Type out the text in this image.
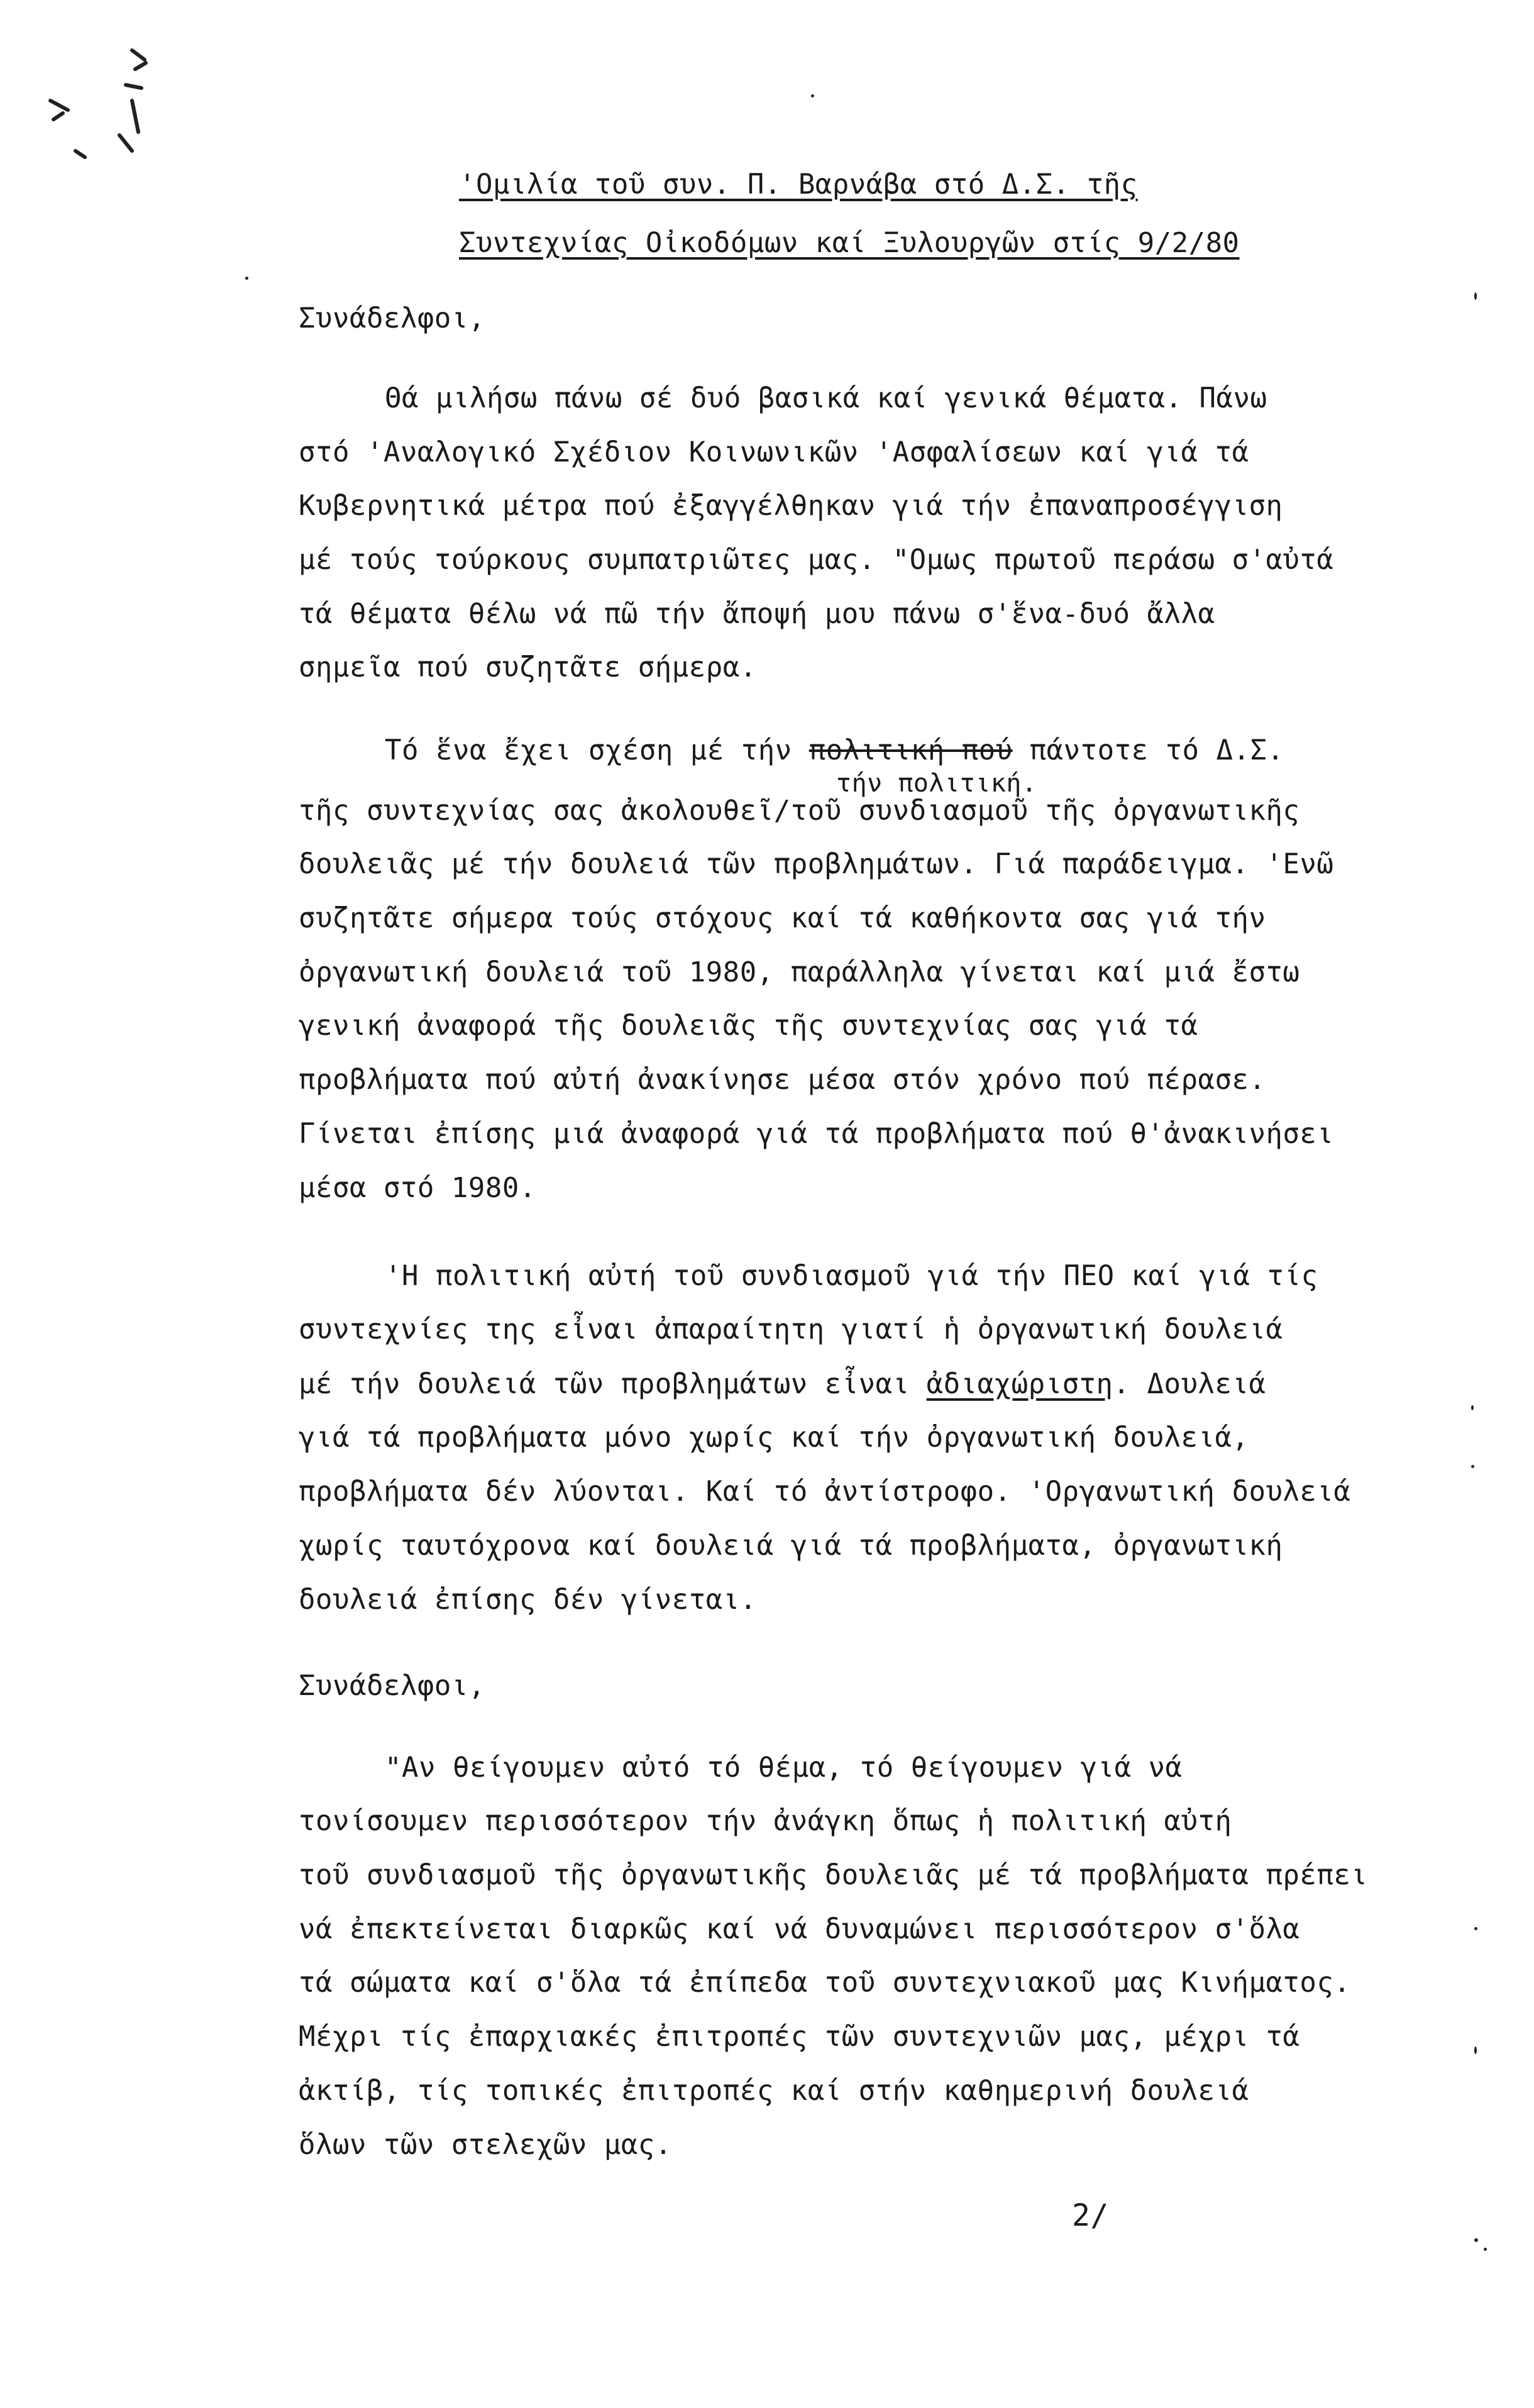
'Ομιλία τοῦ συν. Π. Βαρνάβα στό Δ.Σ. τῆς
Συντεχνίας Οἰκοδόμων καί Ξυλουργῶν στίς 9/2/80
Συνάδελφοι,
Θά μιλήσω πάνω σέ δυό βασικά καί γενικά θέματα. Πάνω
στό 'Αναλογικό Σχέδιον Κοινωνικῶν 'Ασφαλίσεων καί γιά τά
Κυβερνητικά μέτρα πού ἐξαγγέλθηκαν γιά τήν ἐπαναπροσέγγιση
μέ τούς τούρκους συμπατριῶτες μας. "Ομως πρωτοῦ περάσω σ'αὐτά
τά θέματα θέλω νά πῶ τήν ἄποψή μου πάνω σ'ἕνα-δυό ἄλλα
σημεῖα πού συζητᾶτε σήμερα.
Τό ἕνα ἔχει σχέση μέ τήν πολιτική πού πάντοτε τό Δ.Σ.
τήν πολιτική.
τῆς συντεχνίας σας ἀκολουθεῖ/τοῦ συνδιασμοῦ τῆς ὀργανωτικῆς
δουλειᾶς μέ τήν δουλειά τῶν προβλημάτων. Γιά παράδειγμα. 'Ενῶ
συζητᾶτε σήμερα τούς στόχους καί τά καθήκοντα σας γιά τήν
ὀργανωτική δουλειά τοῦ 1980, παράλληλα γίνεται καί μιά ἔστω
γενική ἀναφορά τῆς δουλειᾶς τῆς συντεχνίας σας γιά τά
προβλήματα πού αὐτή ἀνακίνησε μέσα στόν χρόνο πού πέρασε.
Γίνεται ἐπίσης μιά ἀναφορά γιά τά προβλήματα πού θ'ἀνακινήσει
μέσα στό 1980.
'Η πολιτική αὐτή τοῦ συνδιασμοῦ γιά τήν ΠΕΟ καί γιά τίς
συντεχνίες της εἶναι ἀπαραίτητη γιατί ἡ ὀργανωτική δουλειά
μέ τήν δουλειά τῶν προβλημάτων εἶναι ἀδιαχώριστη. Δουλειά
γιά τά προβλήματα μόνο χωρίς καί τήν ὀργανωτική δουλειά,
προβλήματα δέν λύονται. Καί τό ἀντίστροφο. 'Οργανωτική δουλειά
χωρίς ταυτόχρονα καί δουλειά γιά τά προβλήματα, ὀργανωτική
δουλειά ἐπίσης δέν γίνεται.
Συνάδελφοι,
"Αν θείγουμεν αὐτό τό θέμα, τό θείγουμεν γιά νά
τονίσουμεν περισσότερον τήν ἀνάγκη ὅπως ἡ πολιτική αὐτή
τοῦ συνδιασμοῦ τῆς ὀργανωτικῆς δουλειᾶς μέ τά προβλήματα πρέπει
νά ἐπεκτείνεται διαρκῶς καί νά δυναμώνει περισσότερον σ'ὅλα
τά σώματα καί σ'ὅλα τά ἐπίπεδα τοῦ συντεχνιακοῦ μας Κινήματος.
Μέχρι τίς ἐπαρχιακές ἐπιτροπές τῶν συντεχνιῶν μας, μέχρι τά
ἀκτίβ, τίς τοπικές ἐπιτροπές καί στήν καθημερινή δουλειά
ὅλων τῶν στελεχῶν μας.
2/
